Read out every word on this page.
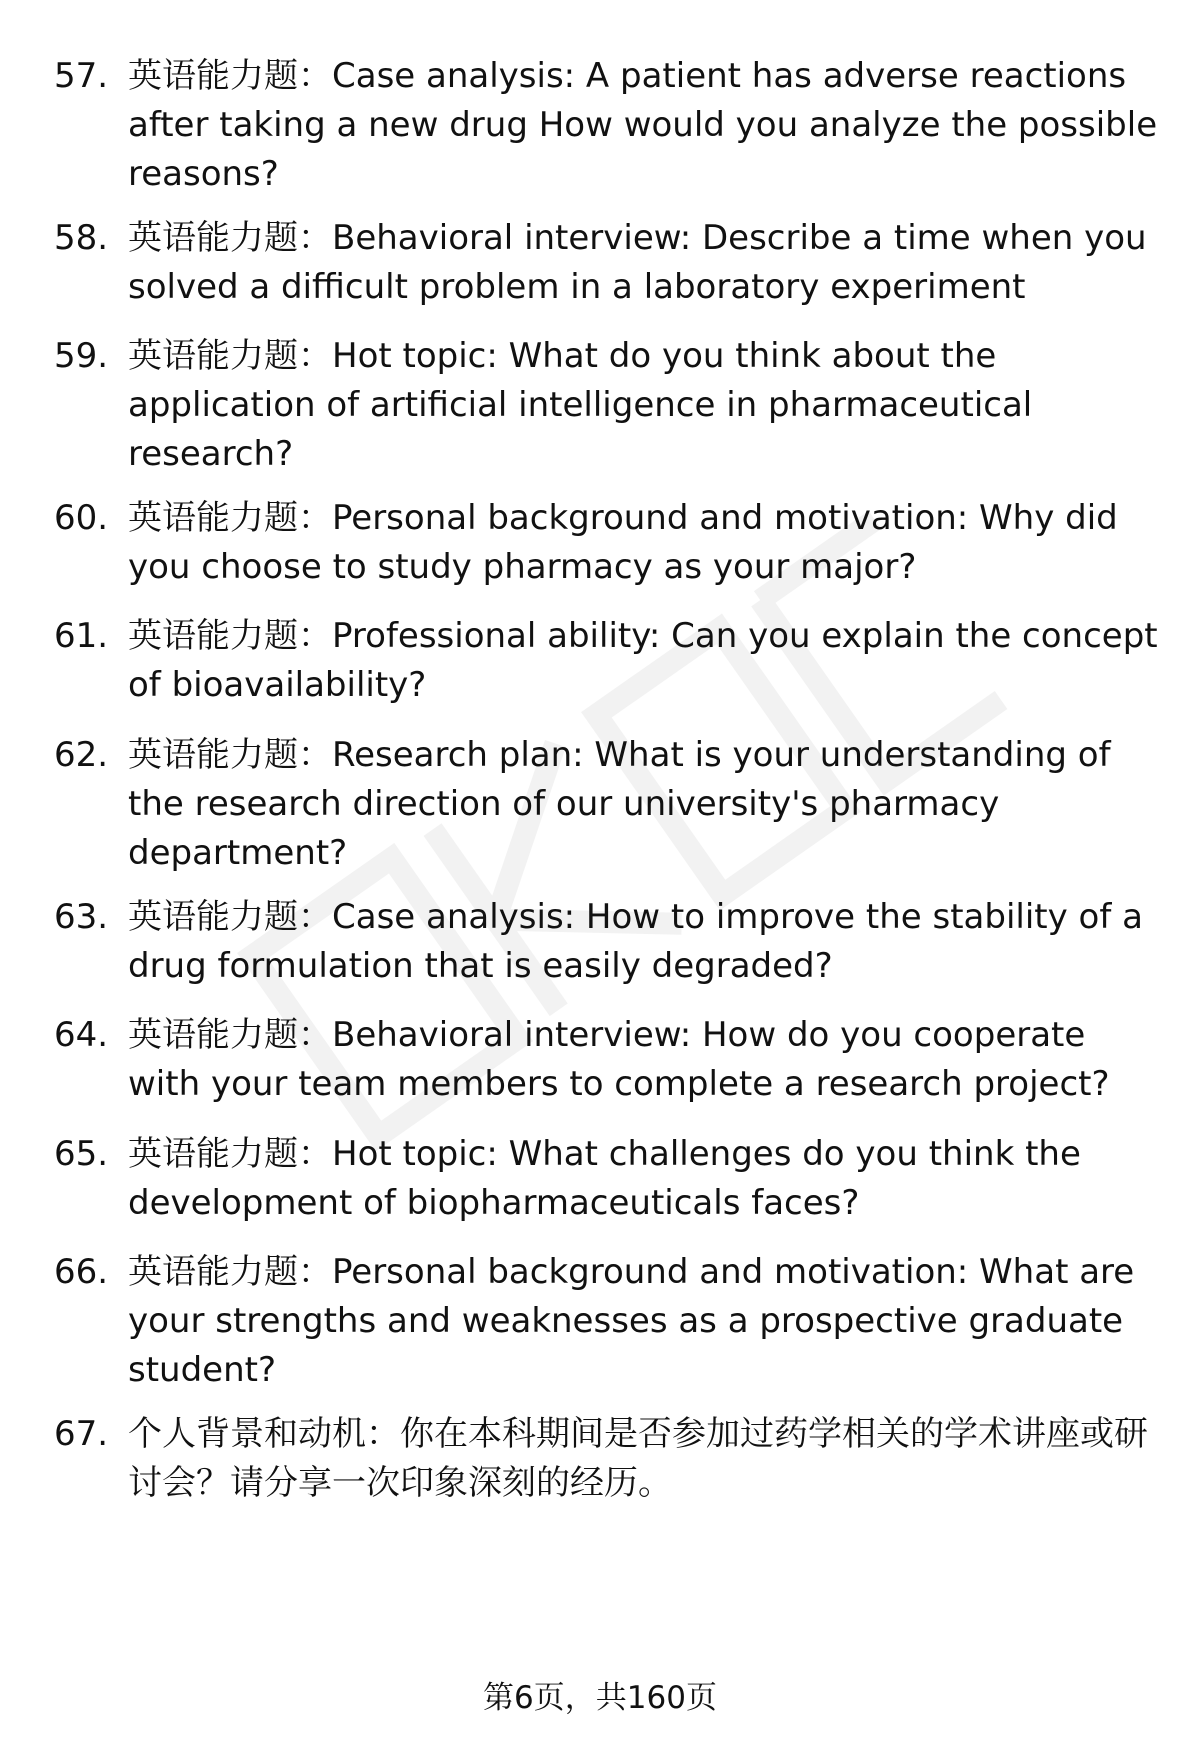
57. 英语能力题：Case analysis: A patient has adverse reactions after taking a new drug How would you analyze the possible reasons?
58. 英语能力题：Behavioral interview: Describe a time when you solved a difficult problem in a laboratory experiment
59. 英语能力题：Hot topic: What do you think about the application of artificial intelligence in pharmaceutical research?
60. 英语能力题：Personal background and motivation: Why did you choose to study pharmacy as your major?
61. 英语能力题：Professional ability: Can you explain the concept of bioavailability?
62. 英语能力题：Research plan: What is your understanding of the research direction of our university's pharmacy department?
63. 英语能力题：Case analysis: How to improve the stability of a drug formulation that is easily degraded?
64. 英语能力题：Behavioral interview: How do you cooperate with your team members to complete a research project?
65. 英语能力题：Hot topic: What challenges do you think the development of biopharmaceuticals faces?
66. 英语能力题：Personal background and motivation: What are your strengths and weaknesses as a prospective graduate student?
67. 个人背景和动机：你在本科期间是否参加过药学相关的学术讲座或研讨会？请分享一次印象深刻的经历。
第6页，共160页
